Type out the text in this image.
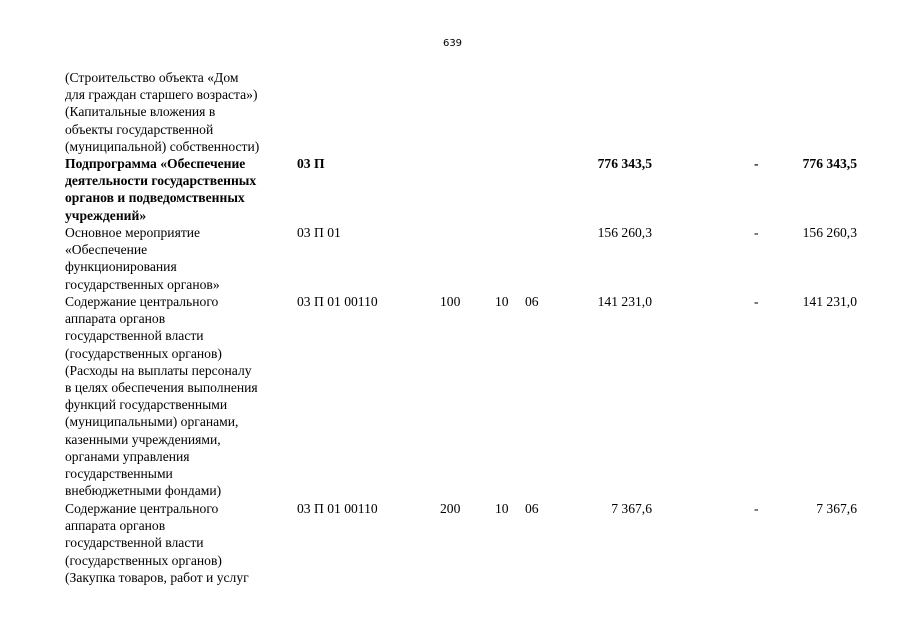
639
(Строительство объекта «Дом
для граждан старшего возраста»)
(Капитальные вложения в
объекты государственной
(муниципальной) собственности)
Подпрограмма «Обеспечение
деятельности государственных
органов и подведомственных
учреждений»
03 П	776 343,5	-	776 343,5
Основное мероприятие
«Обеспечение
функционирования
государственных органов»
03 П 01	156 260,3	-	156 260,3
Содержание центрального
аппарата органов
государственной власти
(государственных органов)
(Расходы на выплаты персоналу
в целях обеспечения выполнения
функций государственными
(муниципальными) органами,
казенными учреждениями,
органами управления
государственными
внебюджетными фондами)
03 П 01 00110	100	10 06	141 231,0	-	141 231,0
Содержание центрального
аппарата органов
государственной власти
(государственных органов)
(Закупка товаров, работ и услуг
03 П 01 00110	200	10 06	7 367,6	-	7 367,6
